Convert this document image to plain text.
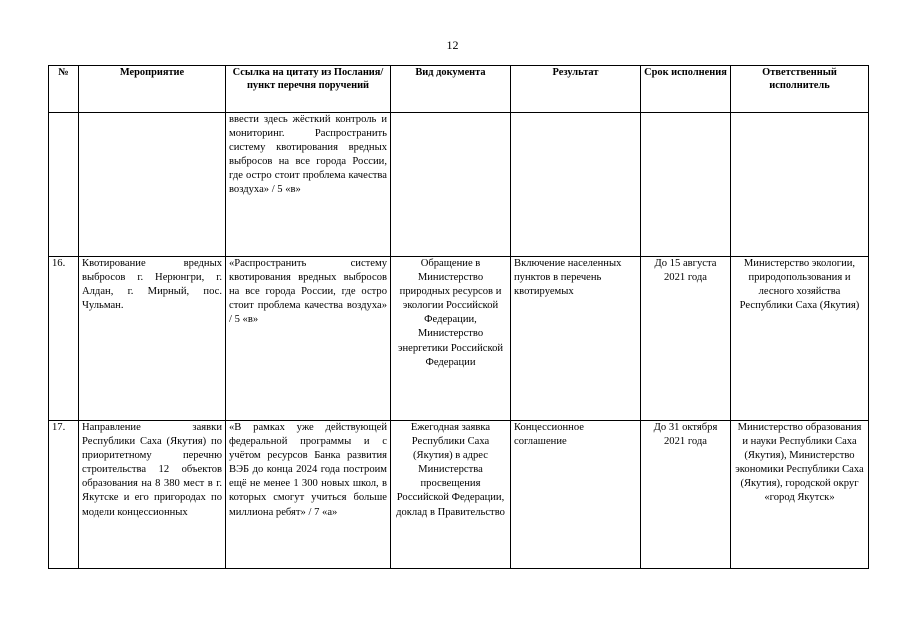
12
№	Мероприятие	Ссылка на цитату из Послания/пункт перечня поручений	Вид документа	Результат	Срок исполнения	Ответственный исполнитель
		ввести здесь жёсткий контроль и мониторинг. Распространить систему квотирования вредных выбросов на все города России, где остро стоит проблема качества воздуха» / 5 «в»				
16.	Квотирование вредных выбросов г. Нерюнгри, г. Алдан, г. Мирный, пос. Чульман.	«Распространить систему квотирования вредных выбросов на все города России, где остро стоит проблема качества воздуха» / 5 «в»	Обращение в Министерство природных ресурсов и экологии Российской Федерации, Министерство энергетики Российской Федерации	Включение населенных пунктов в перечень квотируемых	До 15 августа 2021 года	Министерство экологии, природопользования и лесного хозяйства Республики Саха (Якутия)
17.	Направление заявки Республики Саха (Якутия) по приоритетному перечню строительства 12 объектов образования на 8 380 мест в г. Якутске и его пригородах по модели концессионных	«В рамках уже действующей федеральной программы и с учётом ресурсов Банка развития ВЭБ до конца 2024 года построим ещё не менее 1 300 новых школ, в которых смогут учиться больше миллиона ребят» / 7 «а»	Ежегодная заявка Республики Саха (Якутия) в адрес Министерства просвещения Российской Федерации, доклад в Правительство	Концессионное соглашение	До 31 октября 2021 года	Министерство образования и науки Республики Саха (Якутия), Министерство экономики Республики Саха (Якутия), городской округ «город Якутск»
